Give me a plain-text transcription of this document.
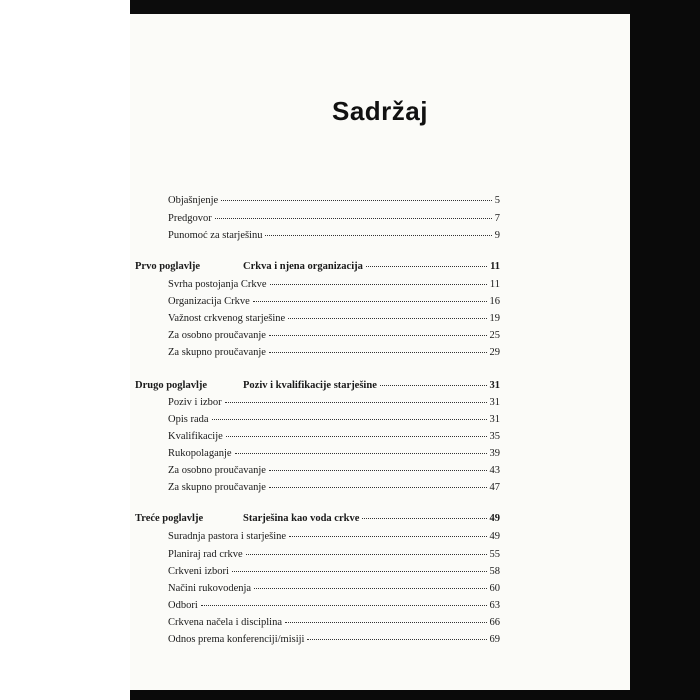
Sadržaj
Objašnjenje	5
Predgovor	7
Punomoć za starješinu	9
Prvo poglavlje	Crkva i njena organizacija	11
Svrha postojanja Crkve	11
Organizacija Crkve	16
Važnost crkvenog starješine	19
Za osobno proučavanje	25
Za skupno proučavanje	29
Drugo poglavlje	Poziv i kvalifikacije starješine	31
Poziv i izbor	31
Opis rada	31
Kvalifikacije	35
Rukopolaganje	39
Za osobno proučavanje	43
Za skupno proučavanje	47
Treće poglavlje	Starješina kao voda crkve	49
Suradnja pastora i starješine	49
Planiraj rad crkve	55
Crkveni izbori	58
Načini rukovodenja	60
Odbori	63
Crkvena načela i disciplina	66
Odnos prema konferenciji/misiji	69
